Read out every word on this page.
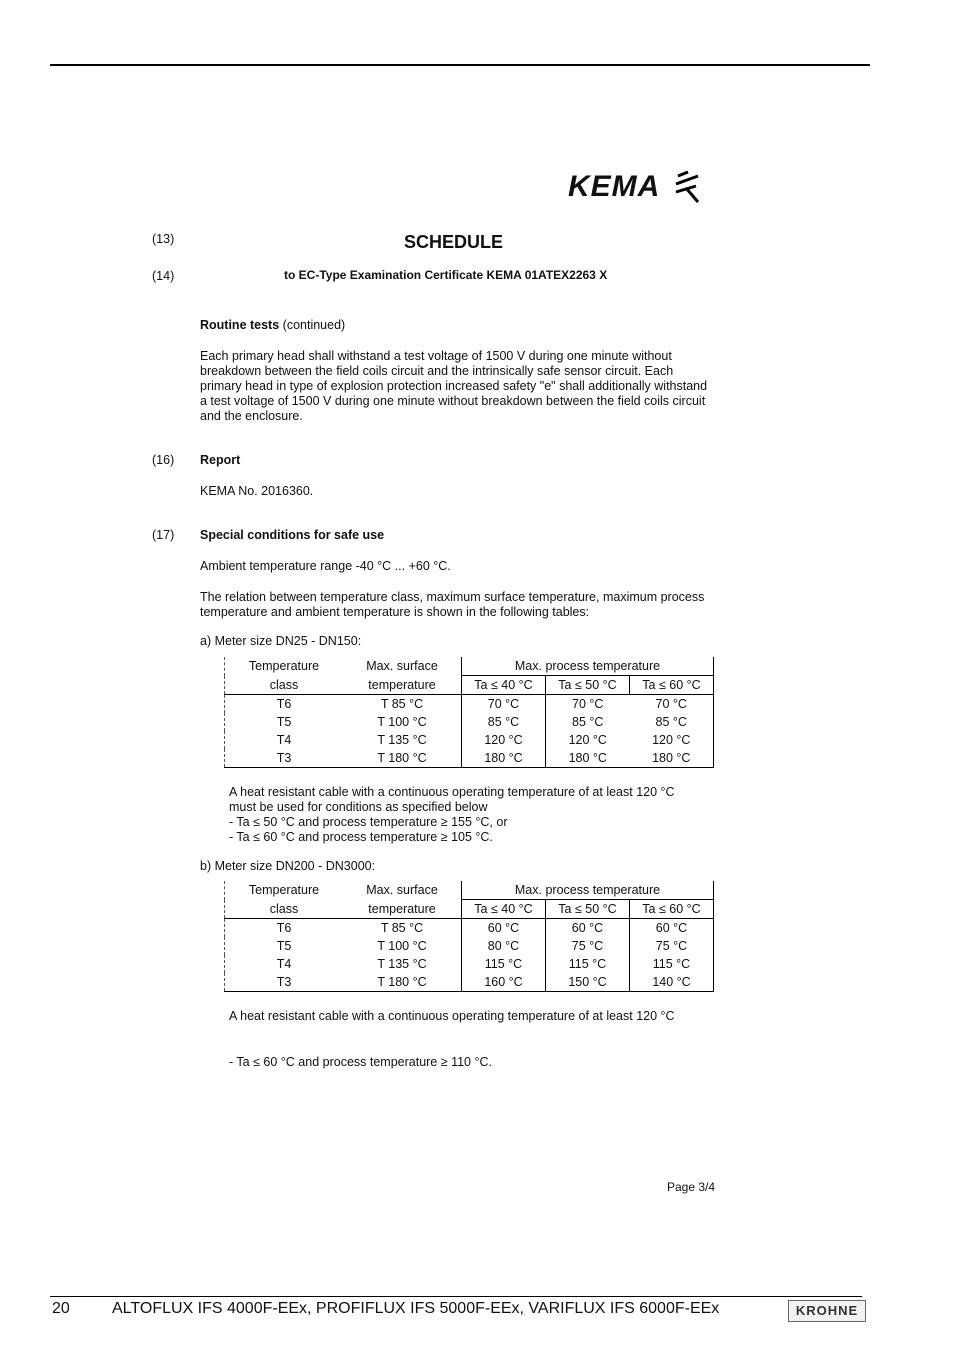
KEMA
(13)	SCHEDULE
(14)	to EC-Type Examination Certificate KEMA 01ATEX2263 X
Routine tests (continued)
Each primary head shall withstand a test voltage of 1500 V during one minute without
breakdown between the field coils circuit and the intrinsically safe sensor circuit. Each
primary head in type of explosion protection increased safety "e" shall additionally withstand
a test voltage of 1500 V during one minute without breakdown between the field coils circuit
and the enclosure.
(16) Report
KEMA No. 2016360.
(17) Special conditions for safe use
Ambient temperature range -40 °C ... +60 °C.
The relation between temperature class, maximum surface temperature, maximum process
temperature and ambient temperature is shown in the following tables:
a) Meter size DN25 - DN150:
Temperature	Max. surface	Max. process temperature		
class	temperature	Ta ≤ 40 °C	Ta ≤ 50 °C	Ta ≤ 60 °C
T6	T 85 °C	70 °C	70 °C	70 °C
T5	T 100 °C	85 °C	85 °C	85 °C
T4	T 135 °C	120 °C	120 °C	120 °C
T3	T 180 °C	180 °C	180 °C	180 °C
A heat resistant cable with a continuous operating temperature of at least 120 °C
must be used for conditions as specified below
- Ta ≤ 50 °C and process temperature ≥ 155 °C, or
- Ta ≤ 60 °C and process temperature ≥ 105 °C.
b) Meter size DN200 - DN3000:
Temperature	Max. surface	Max. process temperature		
class	temperature	Ta ≤ 40 °C	Ta ≤ 50 °C	Ta ≤ 60 °C
T6	T 85 °C	60 °C	60 °C	60 °C
T5	T 100 °C	80 °C	75 °C	75 °C
T4	T 135 °C	115 °C	115 °C	115 °C
T3	T 180 °C	160 °C	150 °C	140 °C
A heat resistant cable with a continuous operating temperature of at least 120 °C
- Ta ≤ 60 °C and process temperature ≥ 110 °C.
Page 3/4
20	ALTOFLUX IFS 4000F-EEx, PROFIFLUX IFS 5000F-EEx, VARIFLUX IFS 6000F-EEx	KROHNE
